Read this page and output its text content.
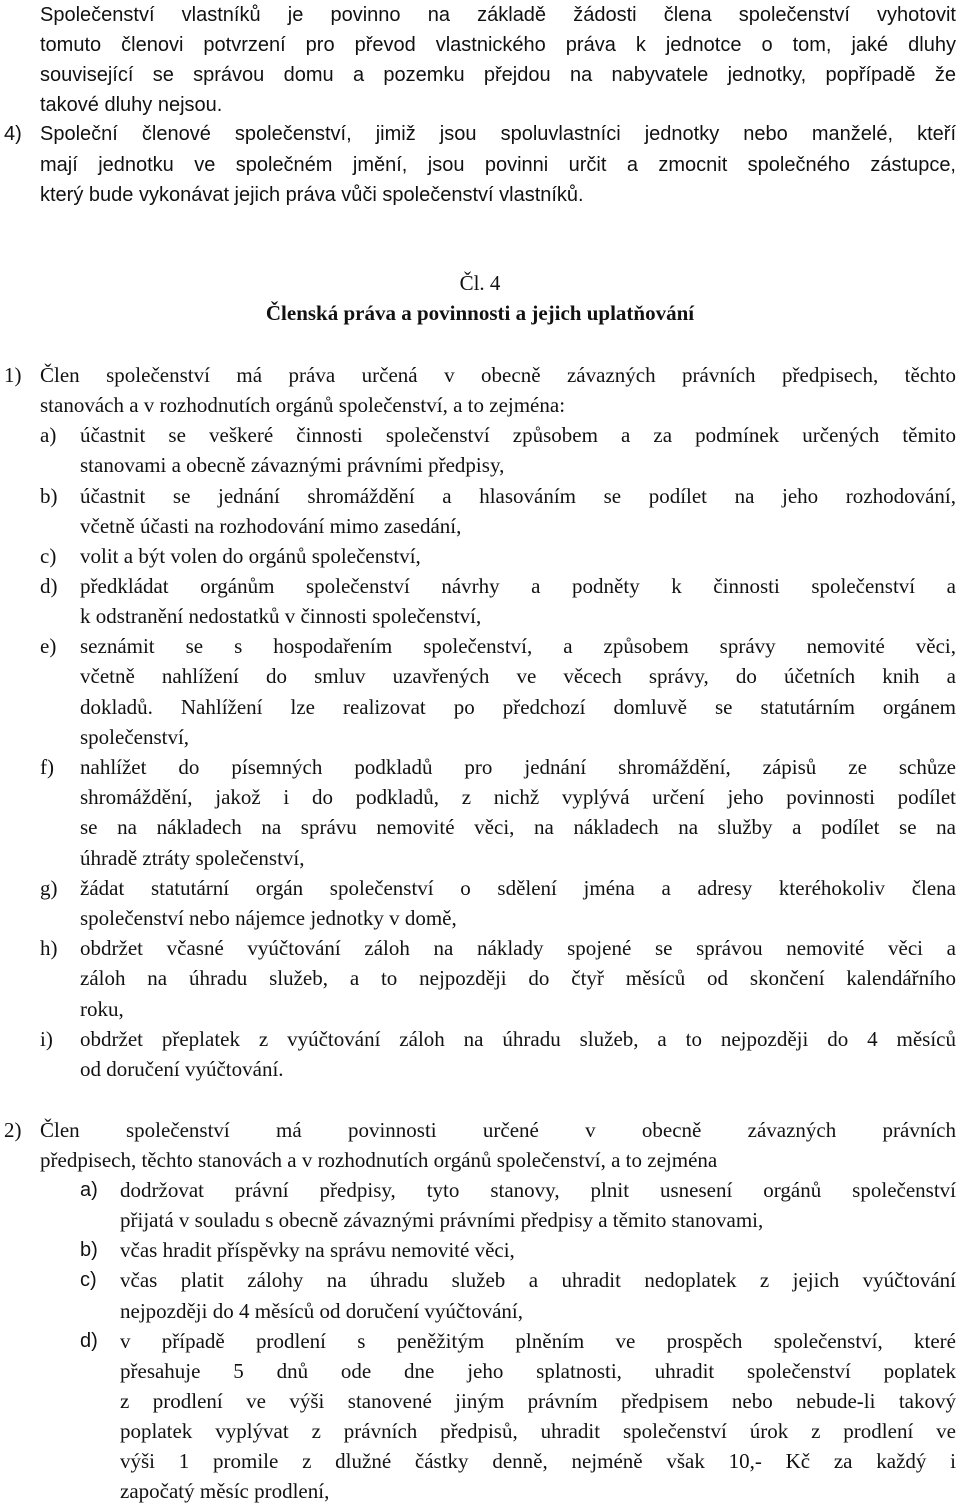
Společenství vlastníků je povinno na základě žádosti člena společenství vyhotovit

tomuto členovi potvrzení pro převod vlastnického práva k jednotce o tom, jaké dluhy

související se správou domu a pozemku přejdou na nabyvatele jednotky, popřípadě že

takové dluhy nejsou.

4) Společní členové společenství, jimiž jsou spoluvlastníci jednotky nebo manželé, kteří

mají jednotku ve společném jmění, jsou povinni určit a zmocnit společného zástupce,

který bude vykonávat jejich práva vůči společenství vlastníků.

Čl. 4

Členská práva a povinnosti a jejich uplatňování

1) Člen společenství má práva určená v obecně závazných právních předpisech, těchto

stanovách a v rozhodnutích orgánů společenství, a to zejména:

a) účastnit se veškeré činnosti společenství způsobem a za podmínek určených těmito

stanovami a obecně závaznými právními předpisy,

b) účastnit se jednání shromáždění a hlasováním se podílet na jeho rozhodování,

včetně účasti na rozhodování mimo zasedání,

c) volit a být volen do orgánů společenství,

d) předkládat orgánům společenství návrhy a podněty k činnosti společenství a

k odstranění nedostatků v činnosti společenství,

e) seznámit se s hospodařením společenství, a způsobem správy nemovité věci,

včetně nahlížení do smluv uzavřených ve věcech správy, do účetních knih a

dokladů. Nahlížení lze realizovat po předchozí domluvě se statutárním orgánem

společenství,

f) nahlížet do písemných podkladů pro jednání shromáždění, zápisů ze schůze

shromáždění, jakož i do podkladů, z nichž vyplývá určení jeho povinnosti podílet

se na nákladech na správu nemovité věci, na nákladech na služby a podílet se na

úhradě ztráty společenství,

g) žádat statutární orgán společenství o sdělení jména a adresy kteréhokoliv člena

společenství nebo nájemce jednotky v domě,

h) obdržet včasné vyúčtování záloh na náklady spojené se správou nemovité věci a

záloh na úhradu služeb, a to nejpozději do čtyř měsíců od skončení kalendářního

roku,

i) obdržet přeplatek z vyúčtování záloh na úhradu služeb, a to nejpozději do 4 měsíců

od doručení vyúčtování.

2) Člen společenství má povinnosti určené v obecně závazných právních

předpisech, těchto stanovách a v rozhodnutích orgánů společenství, a to zejména

a) dodržovat právní předpisy, tyto stanovy, plnit usnesení orgánů společenství

přijatá v souladu s obecně závaznými právními předpisy a těmito stanovami,

b) včas hradit příspěvky na správu nemovité věci,

c) včas platit zálohy na úhradu služeb a uhradit nedoplatek z jejich vyúčtování

nejpozději do 4 měsíců od doručení vyúčtování,

d) v případě prodlení s peněžitým plněním ve prospěch společenství, které

přesahuje 5 dnů ode dne jeho splatnosti, uhradit společenství poplatek

z prodlení ve výši stanovené jiným právním předpisem nebo nebude-li takový

poplatek vyplývat z právních předpisů, uhradit společenství úrok z prodlení ve

výši 1 promile z dlužné částky denně, nejméně však 10,- Kč za každý i

započatý měsíc prodlení,
